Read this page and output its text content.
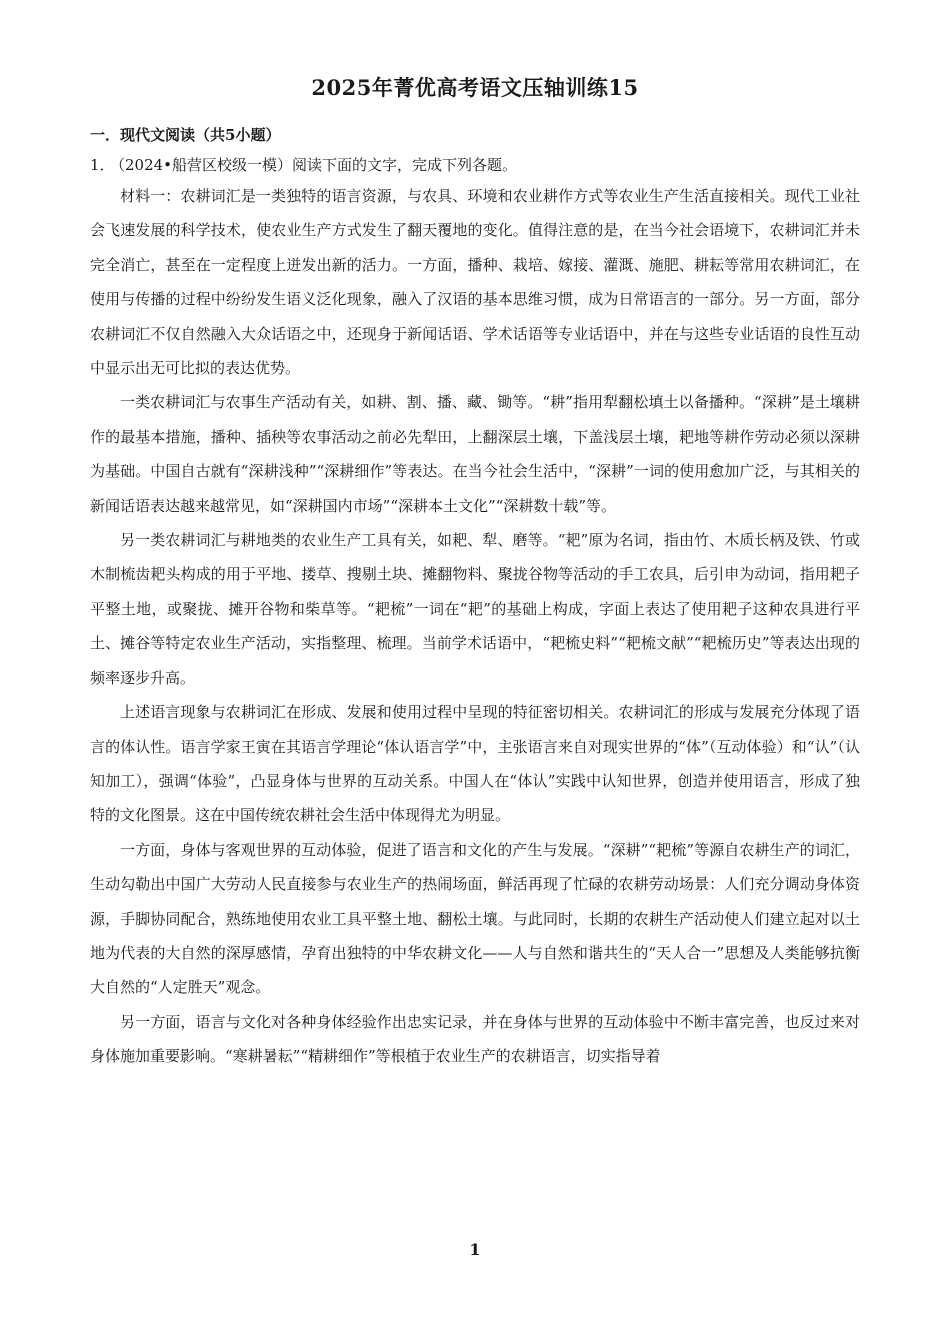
2025年菁优高考语文压轴训练15
一．现代文阅读（共5小题）
1．（2024•船营区校级一模）阅读下面的文字，完成下列各题。

材料一：农耕词汇是一类独特的语言资源，与农具、环境和农业耕作方式等农业生产生活直接相关。现代工业社会飞速发展的科学技术，使农业生产方式发生了翻天覆地的变化。值得注意的是，在当今社会语境下，农耕词汇并未完全消亡，甚至在一定程度上迸发出新的活力。一方面，播种、栽培、嫁接、灌溉、施肥、耕耘等常用农耕词汇，在使用与传播的过程中纷纷发生语义泛化现象，融入了汉语的基本思维习惯，成为日常语言的一部分。另一方面，部分农耕词汇不仅自然融入大众话语之中，还现身于新闻话语、学术话语等专业话语中，并在与这些专业话语的良性互动中显示出无可比拟的表达优势。

一类农耕词汇与农事生产活动有关，如耕、割、播、藏、锄等。“耕”指用犁翻松填土以备播种。“深耕”是土壤耕作的最基本措施，播种、插秧等农事活动之前必先犁田，上翻深层土壤，下盖浅层土壤，耙地等耕作劳动必须以深耕为基础。中国自古就有“深耕浅种”“深耕细作”等表达。在当今社会生活中，“深耕”一词的使用愈加广泛，与其相关的新闻话语表达越来越常见，如“深耕国内市场”“深耕本土文化”“深耕数十载”等。

另一类农耕词汇与耕地类的农业生产工具有关，如耙、犁、磨等。“耙”原为名词，指由竹、木质长柄及铁、竹或木制梳齿耙头构成的用于平地、搂草、搜剔土块、摊翻物料、聚拢谷物等活动的手工农具，后引申为动词，指用耙子平整土地，或聚拢、摊开谷物和柴草等。“耙梳”一词在“耙”的基础上构成，字面上表达了使用耙子这种农具进行平土、摊谷等特定农业生产活动，实指整理、梳理。当前学术话语中，“耙梳史料”“耙梳文献”“耙梳历史”等表达出现的频率逐步升高。

上述语言现象与农耕词汇在形成、发展和使用过程中呈现的特征密切相关。农耕词汇的形成与发展充分体现了语言的体认性。语言学家王寅在其语言学理论“体认语言学”中，主张语言来自对现实世界的“体”（互动体验）和“认”（认知加工），强调“体验”，凸显身体与世界的互动关系。中国人在“体认”实践中认知世界，创造并使用语言，形成了独特的文化图景。这在中国传统农耕社会生活中体现得尤为明显。

一方面，身体与客观世界的互动体验，促进了语言和文化的产生与发展。“深耕”“耙梳”等源自农耕生产的词汇，生动勾勒出中国广大劳动人民直接参与农业生产的热闹场面，鲜活再现了忙碌的农耕劳动场景：人们充分调动身体资源，手脚协同配合，熟练地使用农业工具平整土地、翻松土壤。与此同时，长期的农耕生产活动使人们建立起对以土地为代表的大自然的深厚感情，孕育出独特的中华农耕文化——人与自然和谐共生的“天人合一”思想及人类能够抗衡大自然的“人定胜天”观念。

另一方面，语言与文化对各种身体经验作出忠实记录，并在身体与世界的互动体验中不断丰富完善，也反过来对身体施加重要影响。“寒耕暑耘”“精耕细作”等根植于农业生产的农耕语言，切实指导着

1
